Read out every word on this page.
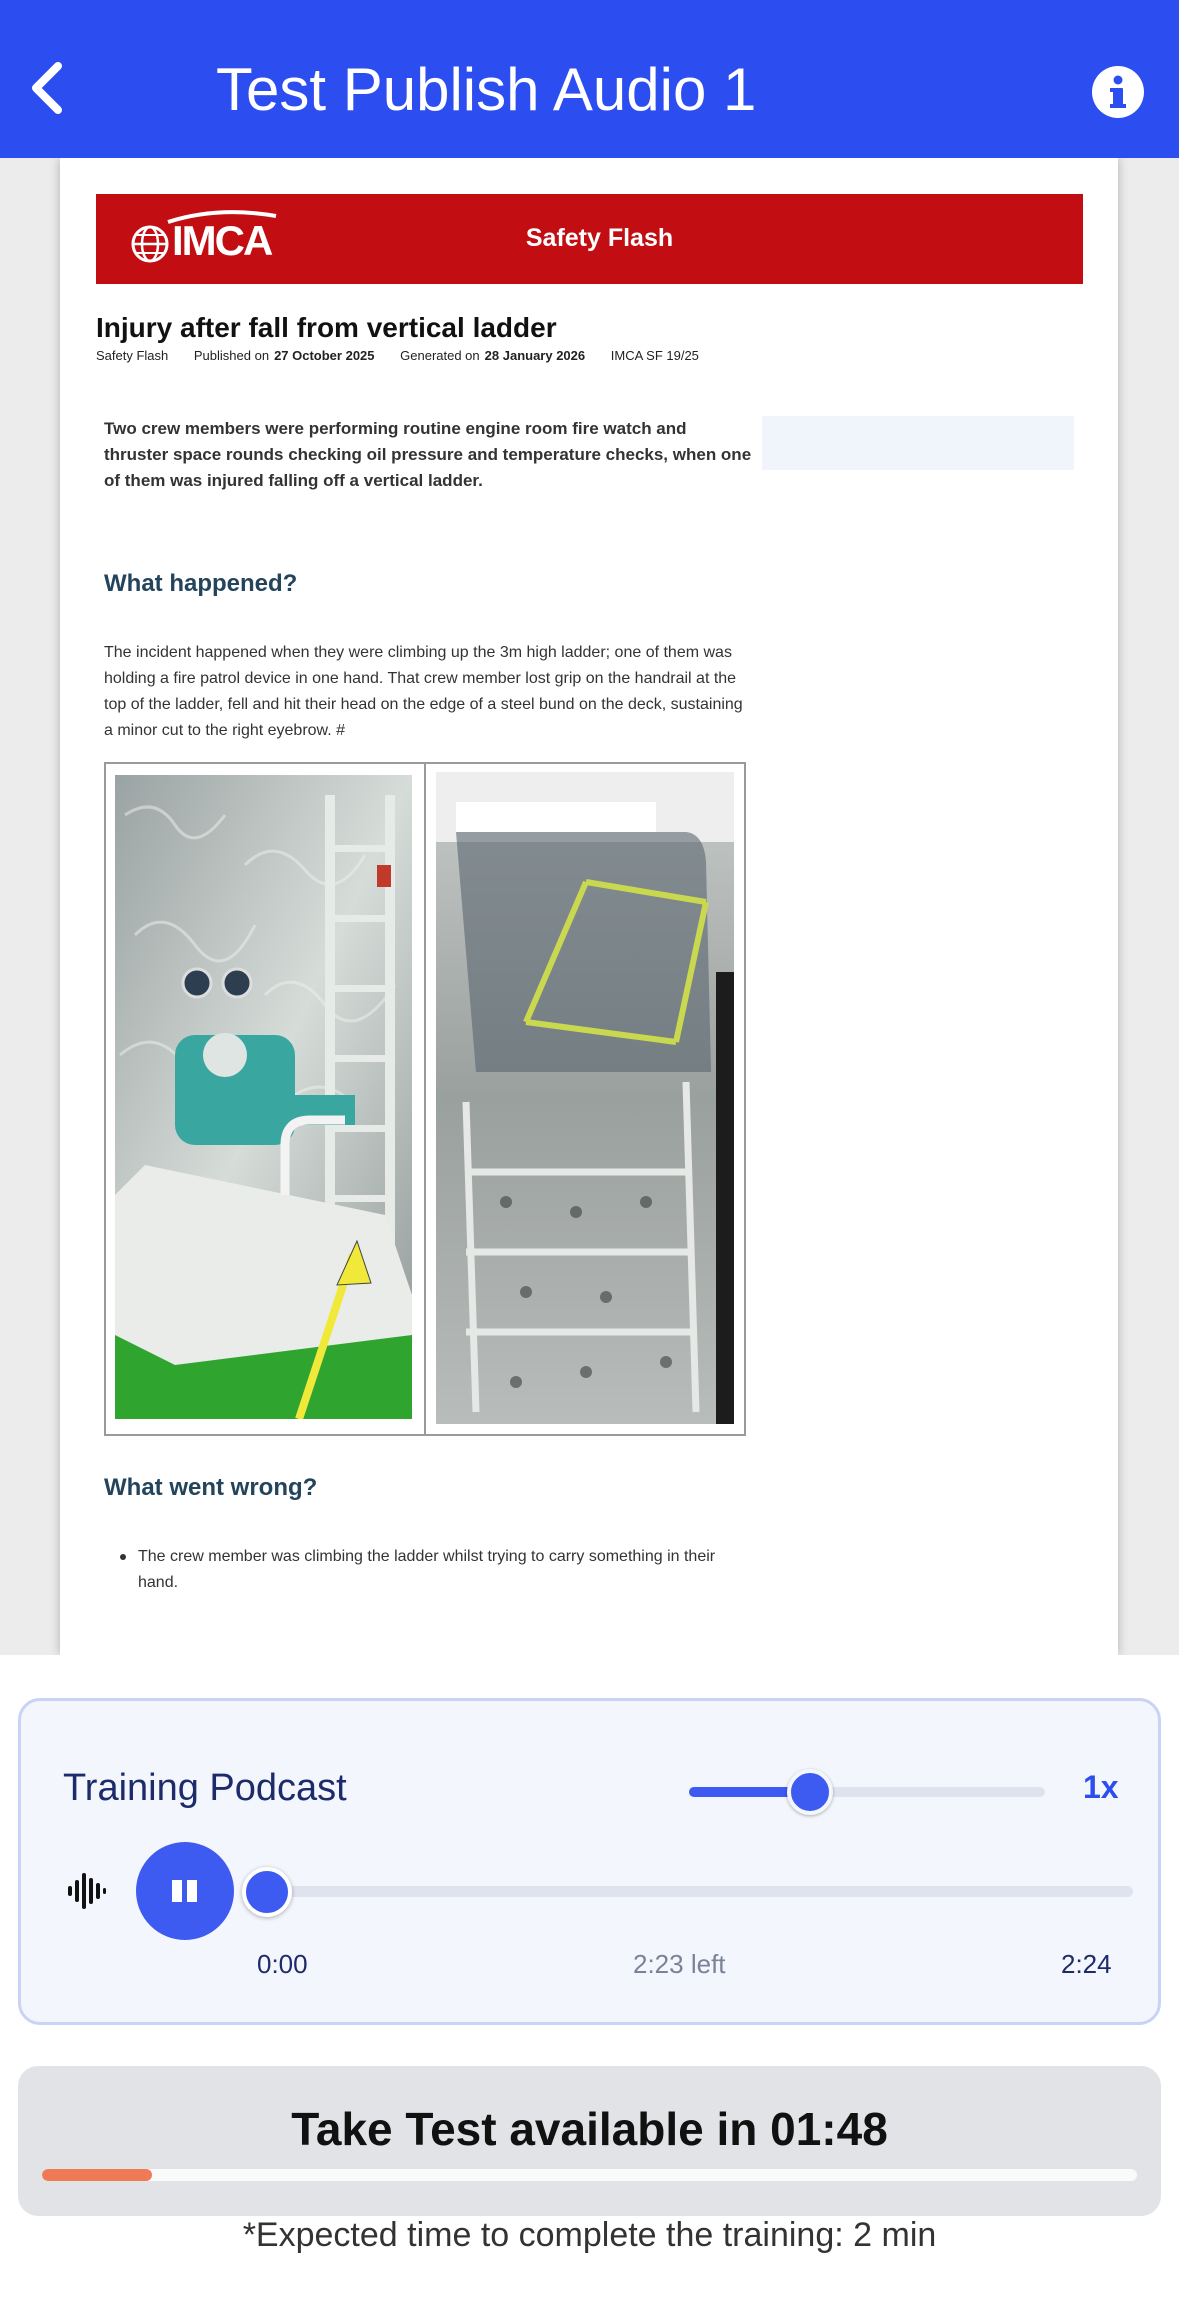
Test Publish Audio 1
IMCA	Safety Flash
Injury after fall from vertical ladder
Safety Flash Published on 27 October 2025 Generated on 28 January 2026 IMCA SF 19/25
Two crew members were performing routine engine room fire watch and thruster space rounds checking oil pressure and temperature checks, when one of them was injured falling off a vertical ladder.
What happened?
The incident happened when they were climbing up the 3m high ladder; one of them was holding a fire patrol device in one hand. That crew member lost grip on the handrail at the top of the ladder, fell and hit their head on the edge of a steel bund on the deck, sustaining a minor cut to the right eyebrow. #
What went wrong?
The crew member was climbing the ladder whilst trying to carry something in their hand.
Training Podcast	1x
0:00	2:23 left	2:24
Take Test available in 01:48
*Expected time to complete the training: 2 min
